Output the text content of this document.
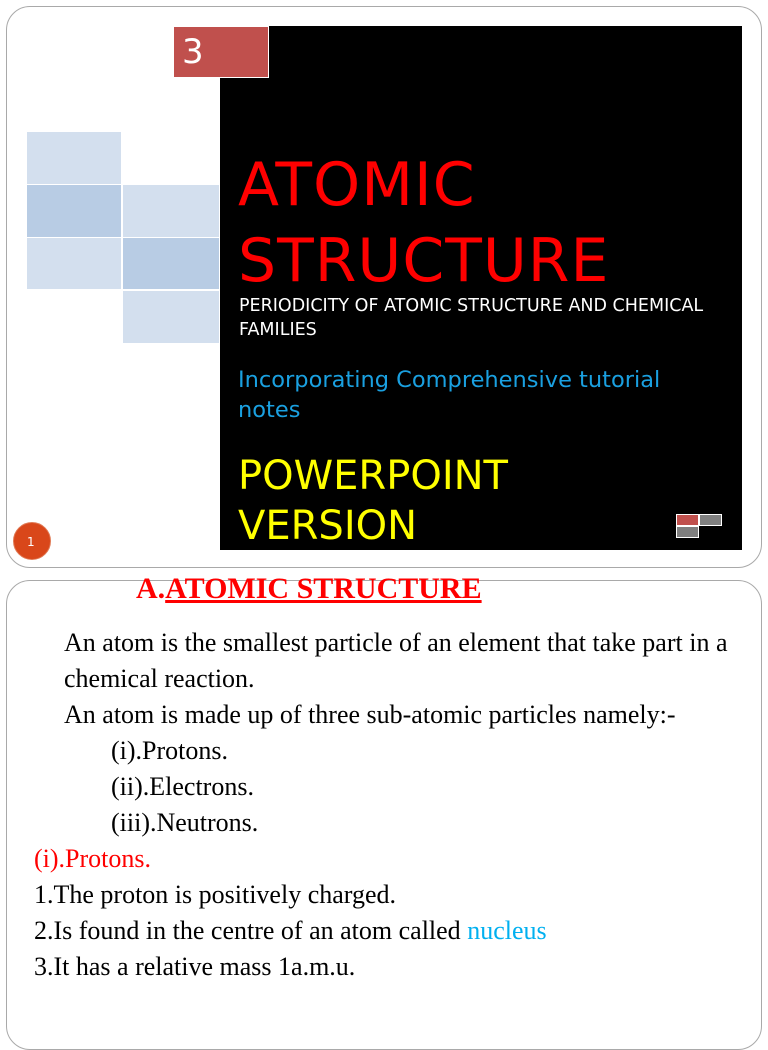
3
ATOMIC
STRUCTURE
PERIODICITY OF ATOMIC STRUCTURE AND CHEMICAL FAMILIES
Incorporating Comprehensive tutorial notes
POWERPOINT
VERSION
1
A.ATOMIC STRUCTURE

An atom is the smallest particle of an element that take part in a chemical reaction.

An atom is made up of three sub-atomic particles namely:-

(i).Protons.

(ii).Electrons.

(iii).Neutrons.

(i).Protons.

1.The proton is positively charged.

2.Is found in the centre of an atom called nucleus

3.It has a relative mass 1a.m.u.
